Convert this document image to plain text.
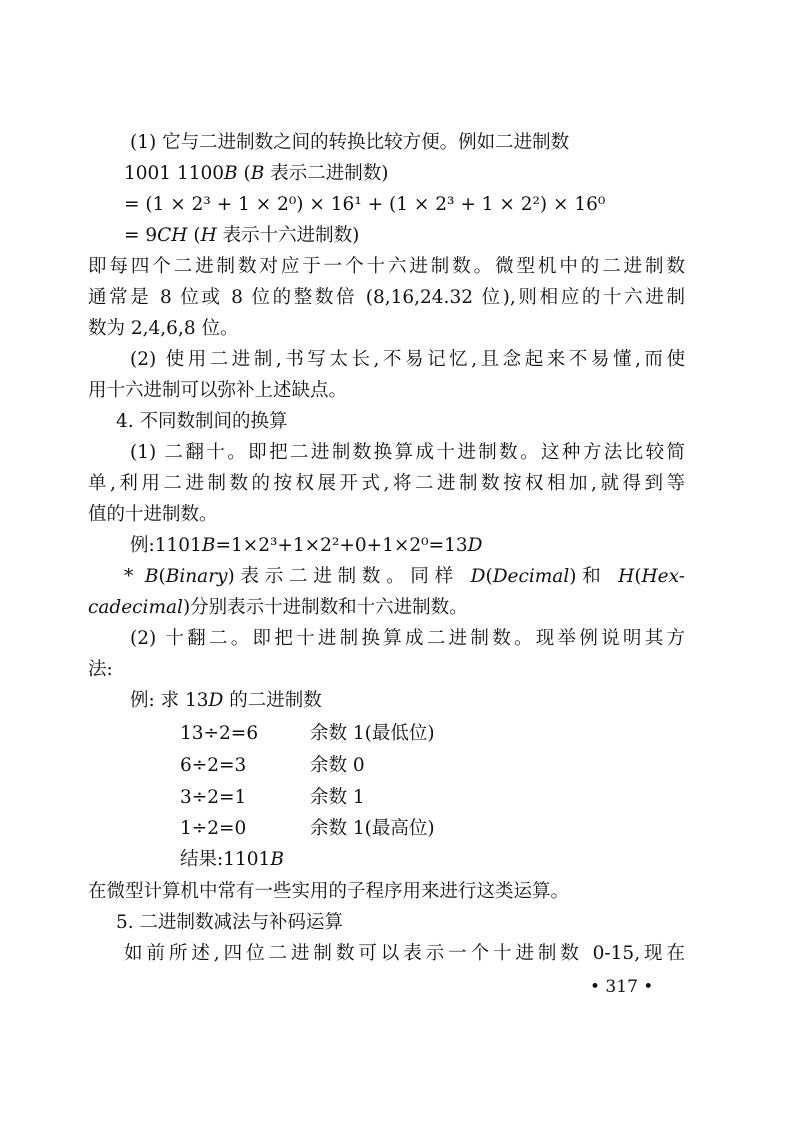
(1) 它与二进制数之间的转换比较方便。例如二进制数

1001 1100B (B 表示二进制数)

= (1 × 2³ + 1 × 2⁰) × 16¹ + (1 × 2³ + 1 × 2²) × 16⁰

= 9CH (H 表示十六进制数)

即每四个二进制数对应于一个十六进制数。微型机中的二进制数

通常是 8 位或 8 位的整数倍 (8,16,24.32 位),则相应的十六进制

数为 2,4,6,8 位。

(2) 使用二进制,书写太长,不易记忆,且念起来不易懂,而使

用十六进制可以弥补上述缺点。

4. 不同数制间的换算

(1) 二翻十。即把二进制数换算成十进制数。这种方法比较简

单,利用二进制数的按权展开式,将二进制数按权相加,就得到等

值的十进制数。

例:1101B=1×2³+1×2²+0+1×2⁰=13D

* B(Binary)表示二进制数。同样 D(Decimal)和 H(Hex-

cadecimal)分别表示十进制数和十六进制数。

(2) 十翻二。即把十进制换算成二进制数。现举例说明其方

法:

例: 求 13D 的二进制数

13÷2=6	余数 1(最低位)

6÷2=3	余数 0

3÷2=1	余数 1

1÷2=0	余数 1(最高位)

结果:1101B

在微型计算机中常有一些实用的子程序用来进行这类运算。

5. 二进制数减法与补码运算

如前所述,四位二进制数可以表示一个十进制数 0-15,现在

• 317 •
